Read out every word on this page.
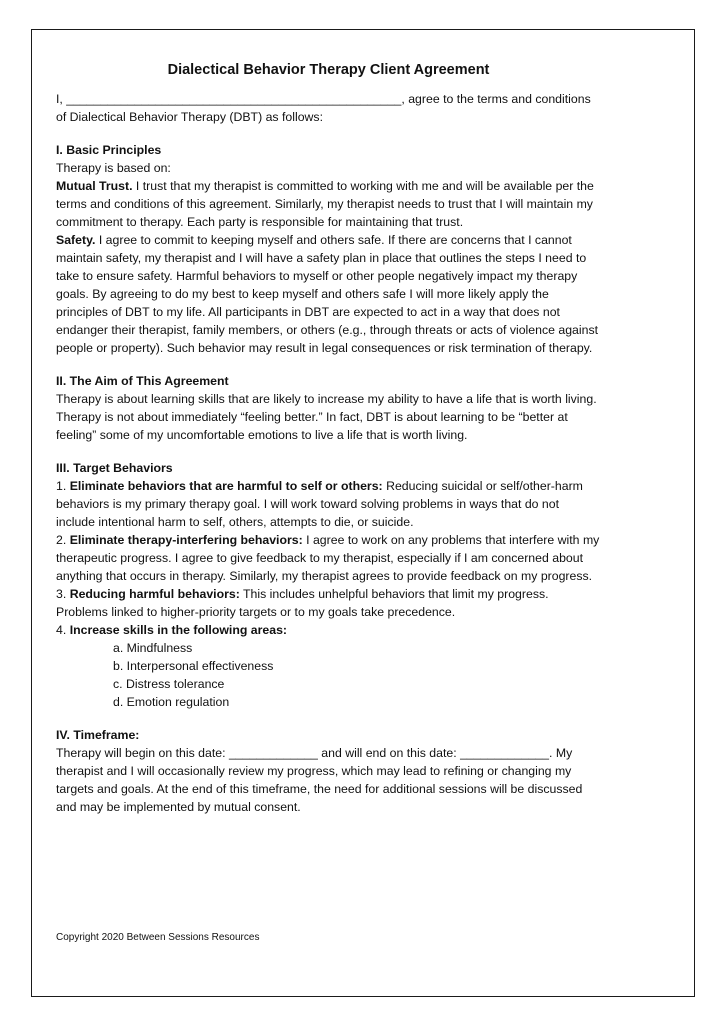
Dialectical Behavior Therapy Client Agreement

I, _________________________________________________, agree to the terms and conditions of Dialectical Behavior Therapy (DBT) as follows:

I. Basic Principles

Therapy is based on:

Mutual Trust. I trust that my therapist is committed to working with me and will be available per the terms and conditions of this agreement. Similarly, my therapist needs to trust that I will maintain my commitment to therapy. Each party is responsible for maintaining that trust.

Safety. I agree to commit to keeping myself and others safe. If there are concerns that I cannot maintain safety, my therapist and I will have a safety plan in place that outlines the steps I need to take to ensure safety. Harmful behaviors to myself or other people negatively impact my therapy goals. By agreeing to do my best to keep myself and others safe I will more likely apply the principles of DBT to my life. All participants in DBT are expected to act in a way that does not endanger their therapist, family members, or others (e.g., through threats or acts of violence against people or property). Such behavior may result in legal consequences or risk termination of therapy.

II. The Aim of This Agreement

Therapy is about learning skills that are likely to increase my ability to have a life that is worth living. Therapy is not about immediately “feeling better.” In fact, DBT is about learning to be “better at feeling” some of my uncomfortable emotions to live a life that is worth living.

III. Target Behaviors

1. Eliminate behaviors that are harmful to self or others: Reducing suicidal or self/other-harm behaviors is my primary therapy goal. I will work toward solving problems in ways that do not include intentional harm to self, others, attempts to die, or suicide.

2. Eliminate therapy-interfering behaviors: I agree to work on any problems that interfere with my therapeutic progress. I agree to give feedback to my therapist, especially if I am concerned about anything that occurs in therapy. Similarly, my therapist agrees to provide feedback on my progress.

3. Reducing harmful behaviors: This includes unhelpful behaviors that limit my progress. Problems linked to higher-priority targets or to my goals take precedence.

4. Increase skills in the following areas:

a. Mindfulness
b. Interpersonal effectiveness
c. Distress tolerance
d. Emotion regulation
IV. Timeframe:

Therapy will begin on this date: _____________ and will end on this date: _____________. My therapist and I will occasionally review my progress, which may lead to refining or changing my targets and goals. At the end of this timeframe, the need for additional sessions will be discussed and may be implemented by mutual consent.

Copyright 2020 Between Sessions Resources
